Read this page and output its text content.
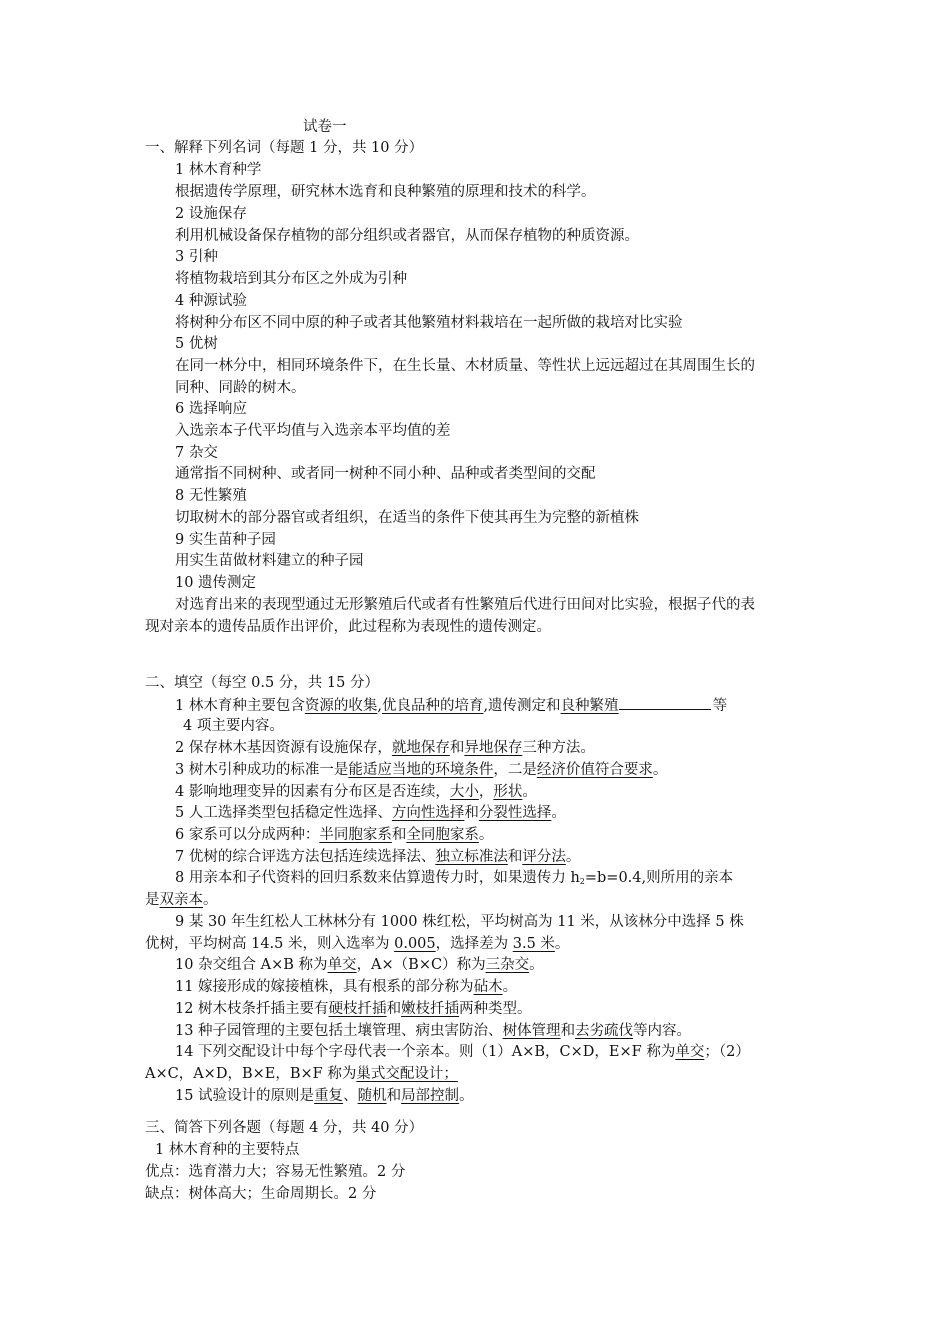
试卷一
一、解释下列名词（每题 1 分，共 10 分）
1 林木育种学
根据遗传学原理，研究林木选育和良种繁殖的原理和技术的科学。
2 设施保存
利用机械设备保存植物的部分组织或者器官，从而保存植物的种质资源。
3 引种
将植物栽培到其分布区之外成为引种
4 种源试验
将树种分布区不同中原的种子或者其他繁殖材料栽培在一起所做的栽培对比实验
5 优树
在同一林分中，相同环境条件下，在生长量、木材质量、等性状上远远超过在其周围生长的
同种、同龄的树木。
6 选择响应
入选亲本子代平均值与入选亲本平均值的差
7 杂交
通常指不同树种、或者同一树种不同小种、品种或者类型间的交配
8 无性繁殖
切取树木的部分器官或者组织，在适当的条件下使其再生为完整的新植株
9 实生苗种子园
用实生苗做材料建立的种子园
10 遗传测定
对选育出来的表现型通过无形繁殖后代或者有性繁殖后代进行田间对比实验，根据子代的表
现对亲本的遗传品质作出评价，此过程称为表现性的遗传测定。
二、填空（每空 0.5 分，共 15 分）
1 林木育种主要包含资源的收集,优良品种的培育,遗传测定和良种繁殖	等
4 项主要内容。
2 保存林木基因资源有设施保存，就地保存和异地保存三种方法。
3 树木引种成功的标准一是能适应当地的环境条件，二是经济价值符合要求。
4 影响地理变异的因素有分布区是否连续，大小，形状。
5 人工选择类型包括稳定性选择、方向性选择和分裂性选择。
6 家系可以分成两种：半同胞家系和全同胞家系。
7 优树的综合评选方法包括连续选择法、独立标准法和评分法。
8 用亲本和子代资料的回归系数来估算遗传力时，如果遗传力 $h_2=b=0.4$,则所用的亲本
是双亲本。
9 某 30 年生红松人工林林分有 1000 株红松，平均树高为 11 米，从该林分中选择 5 株
优树，平均树高 14.5 米，则入选率为 0.005，选择差为 3.5 米。
10 杂交组合 A×B 称为单交，A×（B×C）称为三杂交。
11 嫁接形成的嫁接植株，具有根系的部分称为砧木。
12 树木枝条扦插主要有硬枝扦插和嫩枝扦插两种类型。
13 种子园管理的主要包括土壤管理、病虫害防治、树体管理和去劣疏伐等内容。
14 下列交配设计中每个字母代表一个亲本。则（1）A×B，C×D，E×F 称为单交；（2）
A×C，A×D，B×E，B×F 称为巢式交配设计；
15 试验设计的原则是重复、随机和局部控制。
三、简答下列各题（每题 4 分，共 40 分）
1 林木育种的主要特点
优点：选育潜力大；容易无性繁殖。2 分
缺点：树体高大；生命周期长。2 分
